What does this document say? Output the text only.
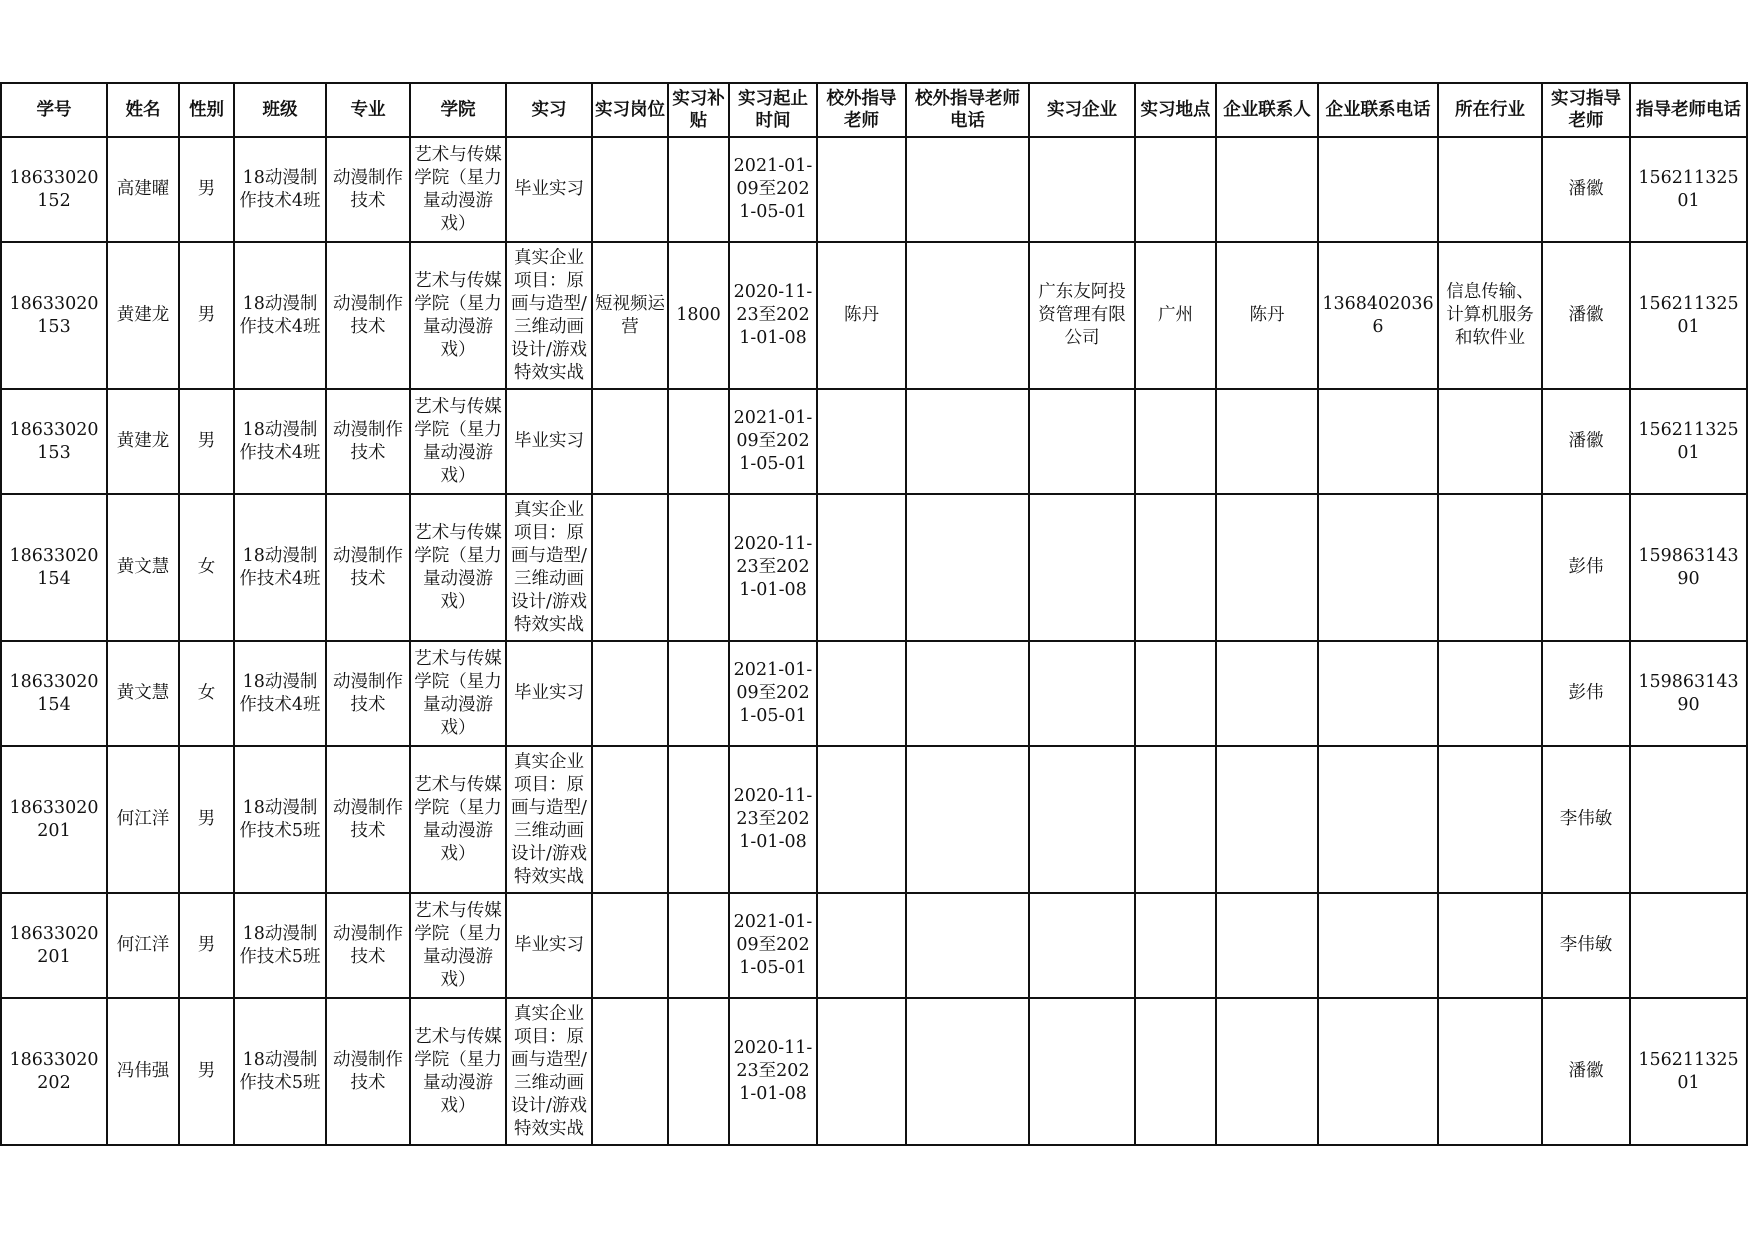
学号	姓名	性别	班级	专业	学院	实习	实习岗位	实习补贴	实习起止时间	校外指导老师	校外指导老师电话	实习企业	实习地点	企业联系人	企业联系电话	所在行业	实习指导老师	指导老师电话

18633020152	高建曜	男	18动漫制作技术4班	动漫制作技术	艺术与传媒学院（星力量动漫游戏）	毕业实习			2021-01-09至2021-05-01								潘徽	15621132501

18633020153	黄建龙	男	18动漫制作技术4班	动漫制作技术	艺术与传媒学院（星力量动漫游戏）	真实企业项目：原画与造型/三维动画设计/游戏特效实战	短视频运营	1800	2020-11-23至2021-01-08	陈丹		广东友阿投资管理有限公司	广州	陈丹	13684020366	信息传输、计算机服务和软件业	潘徽	15621132501

18633020153	黄建龙	男	18动漫制作技术4班	动漫制作技术	艺术与传媒学院（星力量动漫游戏）	毕业实习			2021-01-09至2021-05-01								潘徽	15621132501

18633020154	黄文慧	女	18动漫制作技术4班	动漫制作技术	艺术与传媒学院（星力量动漫游戏）	真实企业项目：原画与造型/三维动画设计/游戏特效实战			2020-11-23至2021-01-08								彭伟	15986314390

18633020154	黄文慧	女	18动漫制作技术4班	动漫制作技术	艺术与传媒学院（星力量动漫游戏）	毕业实习			2021-01-09至2021-05-01								彭伟	15986314390

18633020201	何江洋	男	18动漫制作技术5班	动漫制作技术	艺术与传媒学院（星力量动漫游戏）	真实企业项目：原画与造型/三维动画设计/游戏特效实战			2020-11-23至2021-01-08								李伟敏	

18633020201	何江洋	男	18动漫制作技术5班	动漫制作技术	艺术与传媒学院（星力量动漫游戏）	毕业实习			2021-01-09至2021-05-01								李伟敏	

18633020202	冯伟强	男	18动漫制作技术5班	动漫制作技术	艺术与传媒学院（星力量动漫游戏）	真实企业项目：原画与造型/三维动画设计/游戏特效实战			2020-11-23至2021-01-08								潘徽	15621132501
